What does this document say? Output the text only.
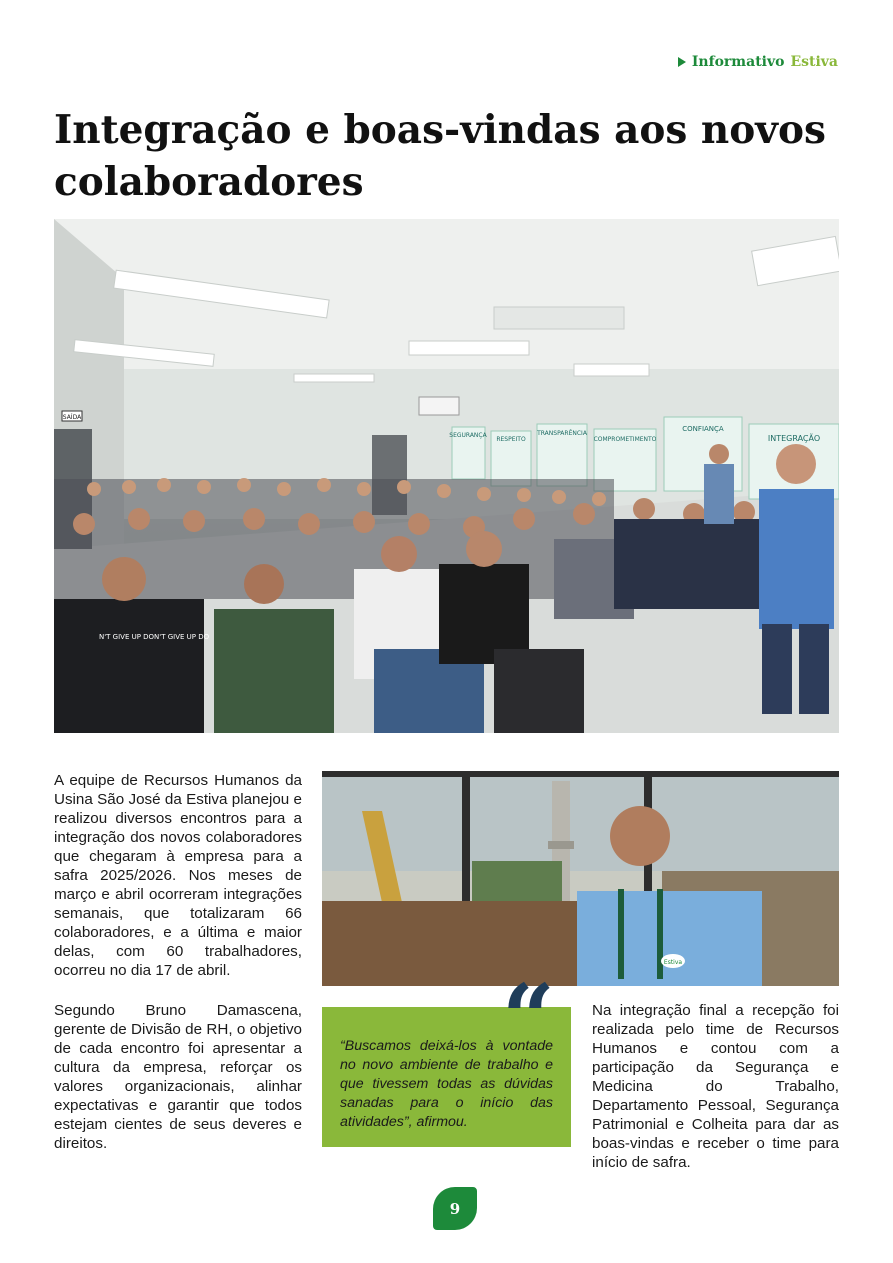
Informativo Estiva
Integração e boas-vindas aos novos colaboradores
SAÍDA
SEGURANÇA
RESPEITO
TRANSPARÊNCIA
COMPROMETIMENTO
CONFIANÇA
INTEGRAÇÃO
N'T GIVE UP DON'T GIVE UP DO
Estiva

A equipe de Recursos Humanos da Usina São José da Estiva planejou e realizou diversos encontros para a integração dos novos colaboradores que chegaram à empresa para a safra 2025/2026. Nos meses de março e abril ocorreram integrações semanais, que totalizaram 66 colaboradores, e a última e maior delas, com 60 trabalhadores, ocorreu no dia 17 de abril.

Segundo Bruno Damascena, gerente de Divisão de RH, o objetivo de cada encontro foi apresentar a cultura da empresa, reforçar os valores organizacionais, alinhar expectativas e garantir que todos estejam cientes de seus deveres e direitos.

“Buscamos deixá-los à vontade no novo ambiente de trabalho e que tivessem todas as dúvidas sanadas para o início das atividades”, afirmou.

“ Na integração final a recepção foi realizada pelo time de Recursos Humanos e contou com a participação da Segurança e Medicina do Trabalho, Departamento Pessoal, Segurança Patrimonial e Colheita para dar as boas-vindas e receber o time para início de safra.

9
